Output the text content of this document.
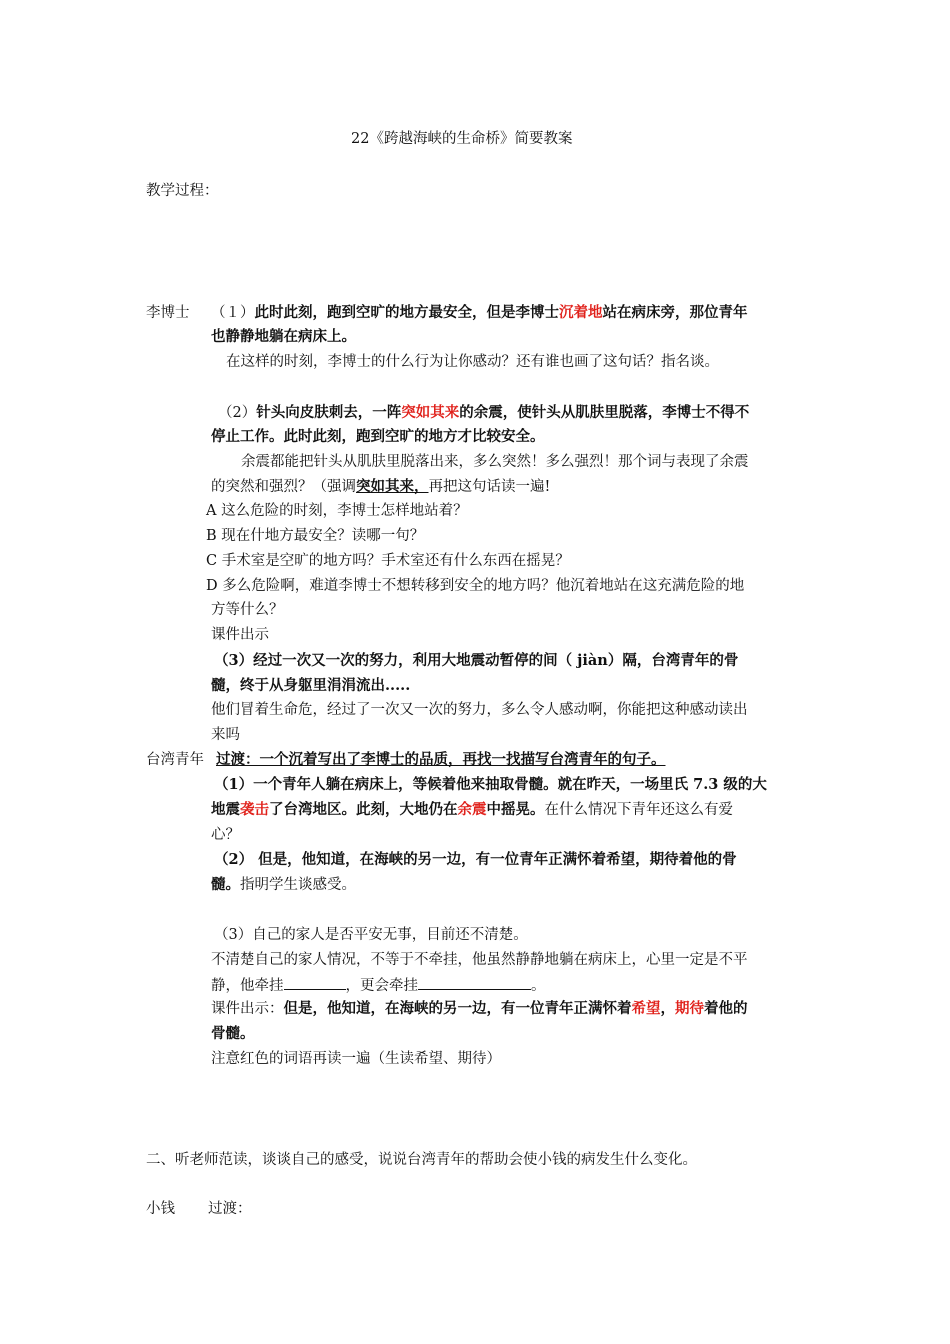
22《跨越海峡的生命桥》简要教案
教学过程：
李博士 （１）此时此刻，跑到空旷的地方最安全，但是李博士沉着地站在病床旁，那位青年
也静静地躺在病床上。
在这样的时刻，李博士的什么行为让你感动？还有谁也画了这句话？指名谈。
（2）针头向皮肤刺去，一阵突如其来的余震，使针头从肌肤里脱落，李博士不得不
停止工作。此时此刻，跑到空旷的地方才比较安全。
余震都能把针头从肌肤里脱落出来，多么突然！多么强烈！那个词与表现了余震
的突然和强烈？（强调突如其来，再把这句话读一遍!
A 这么危险的时刻，李博士怎样地站着？
B 现在什地方最安全？读哪一句？
C 手术室是空旷的地方吗？手术室还有什么东西在摇晃？
D 多么危险啊，难道李博士不想转移到安全的地方吗？他沉着地站在这充满危险的地
方等什么？
课件出示
（3）经过一次又一次的努力，利用大地震动暂停的间（ jiàn）隔，台湾青年的骨
髓，终于从身躯里涓涓流出.....
他们冒着生命危，经过了一次又一次的努力，多么令人感动啊，你能把这种感动读出
来吗
台湾青年 过渡：一个沉着写出了李博士的品质，再找一找描写台湾青年的句子。
（1）一个青年人躺在病床上，等候着他来抽取骨髓。就在昨天，一场里氏 7.3 级的大
地震袭击了台湾地区。此刻，大地仍在余震中摇晃。在什么情况下青年还这么有爱
心？
（2） 但是，他知道，在海峡的另一边，有一位青年正满怀着希望，期待着他的骨
髓。指明学生谈感受。
（3）自己的家人是否平安无事，目前还不清楚。
不清楚自己的家人情况，不等于不牵挂，他虽然静静地躺在病床上，心里一定是不平
静，他牵挂	，更会牵挂	。
课件出示：但是，他知道，在海峡的另一边，有一位青年正满怀着希望，期待着他的
骨髓。
注意红色的词语再读一遍（生读希望、期待）
二、听老师范读，谈谈自己的感受，说说台湾青年的帮助会使小钱的病发生什么变化。
小钱 过渡：
